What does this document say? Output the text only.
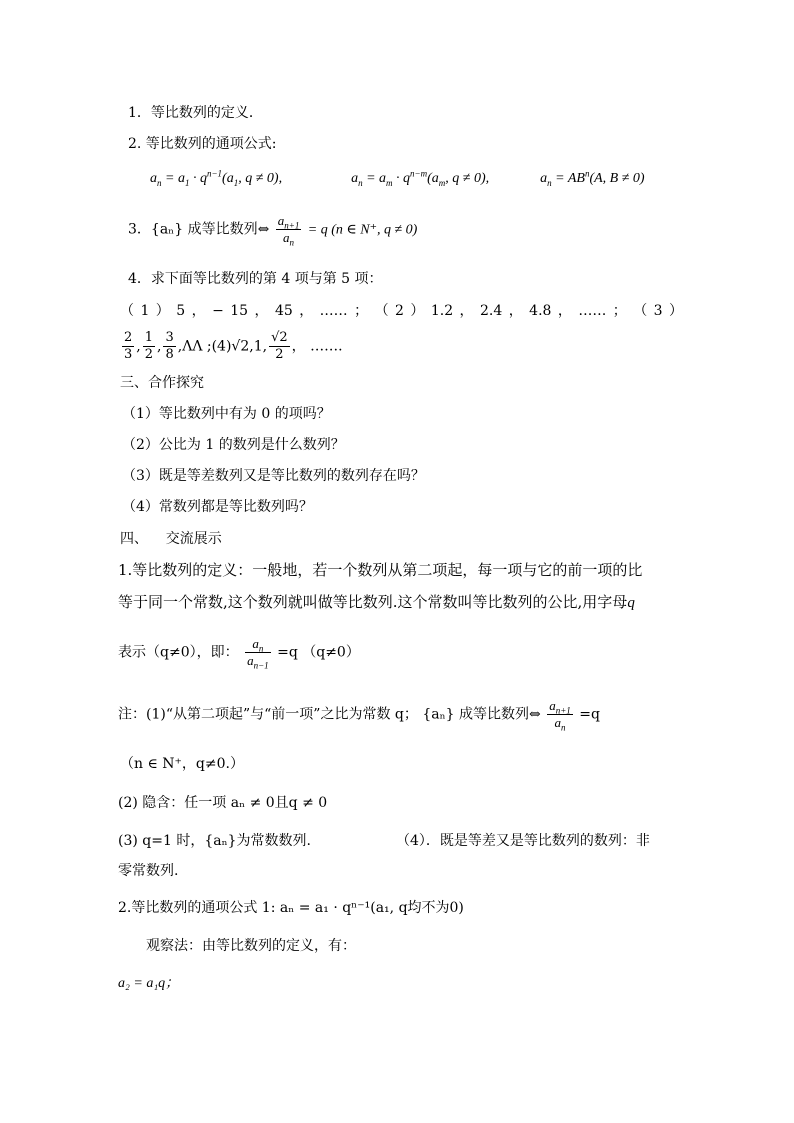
1．等比数列的定义．
2. 等比数列的通项公式:
$a_n = a_1 \cdot q^{n-1}(a_1$, q ≠ 0),	$a_n = a_m \cdot q^{n-m}(a_m$, q ≠ 0),	$a_n = AB^n(A$, B ≠ 0)
3．{aₙ} 成等比数列⇔ $\frac{a_{n+1}}{a_n} = q$ (n ∈ N⁺, q ≠ 0)
4．求下面等比数列的第 4 项与第 5 项：
（ 1 ） 5 ， − 15 ， 45 ， …… ； （ 2 ） 1.2 ， 2.4 ， 4.8 ， …… ； （ 3 ）
$\frac{2}{3}$ , $\frac{1}{2}$ , $\frac{3}{8} ,\Lambda\Lambda$ ;(4)√2,1, $\frac{√2}{2}$ ， …….
三、合作探究
（1）等比数列中有为 0 的项吗？
（2）公比为 1 的数列是什么数列？
（3）既是等差数列又是等比数列的数列存在吗？
（4）常数列都是等比数列吗？
四、    交流展示
1.等比数列的定义：一般地，若一个数列从第二项起，每一项与它的前一项的比
等于同一个常数,这个数列就叫做等比数列.这个常数叫等比数列的公比,用字母q
表示（q≠0），即： $\frac{a_n}{a_{n-1}} =q$ （q≠0）
注：(1)“从第二项起”与“前一项”之比为常数 q； {aₙ} 成等比数列⇔ $\frac{a_{n+1}}{a_n} =q$
（n ∈ N⁺，q≠0.）
(2) 隐含：任一项 aₙ ≠ 0且q ≠ 0
(3) q=1 时，{aₙ}为常数数列.	（4）．既是等差又是等比数列的数列：非
零常数列.
2.等比数列的通项公式 1: aₙ = a₁ · qⁿ⁻¹(a₁, q均不为0)
观察法：由等比数列的定义，有：
a₂ = a₁q；
